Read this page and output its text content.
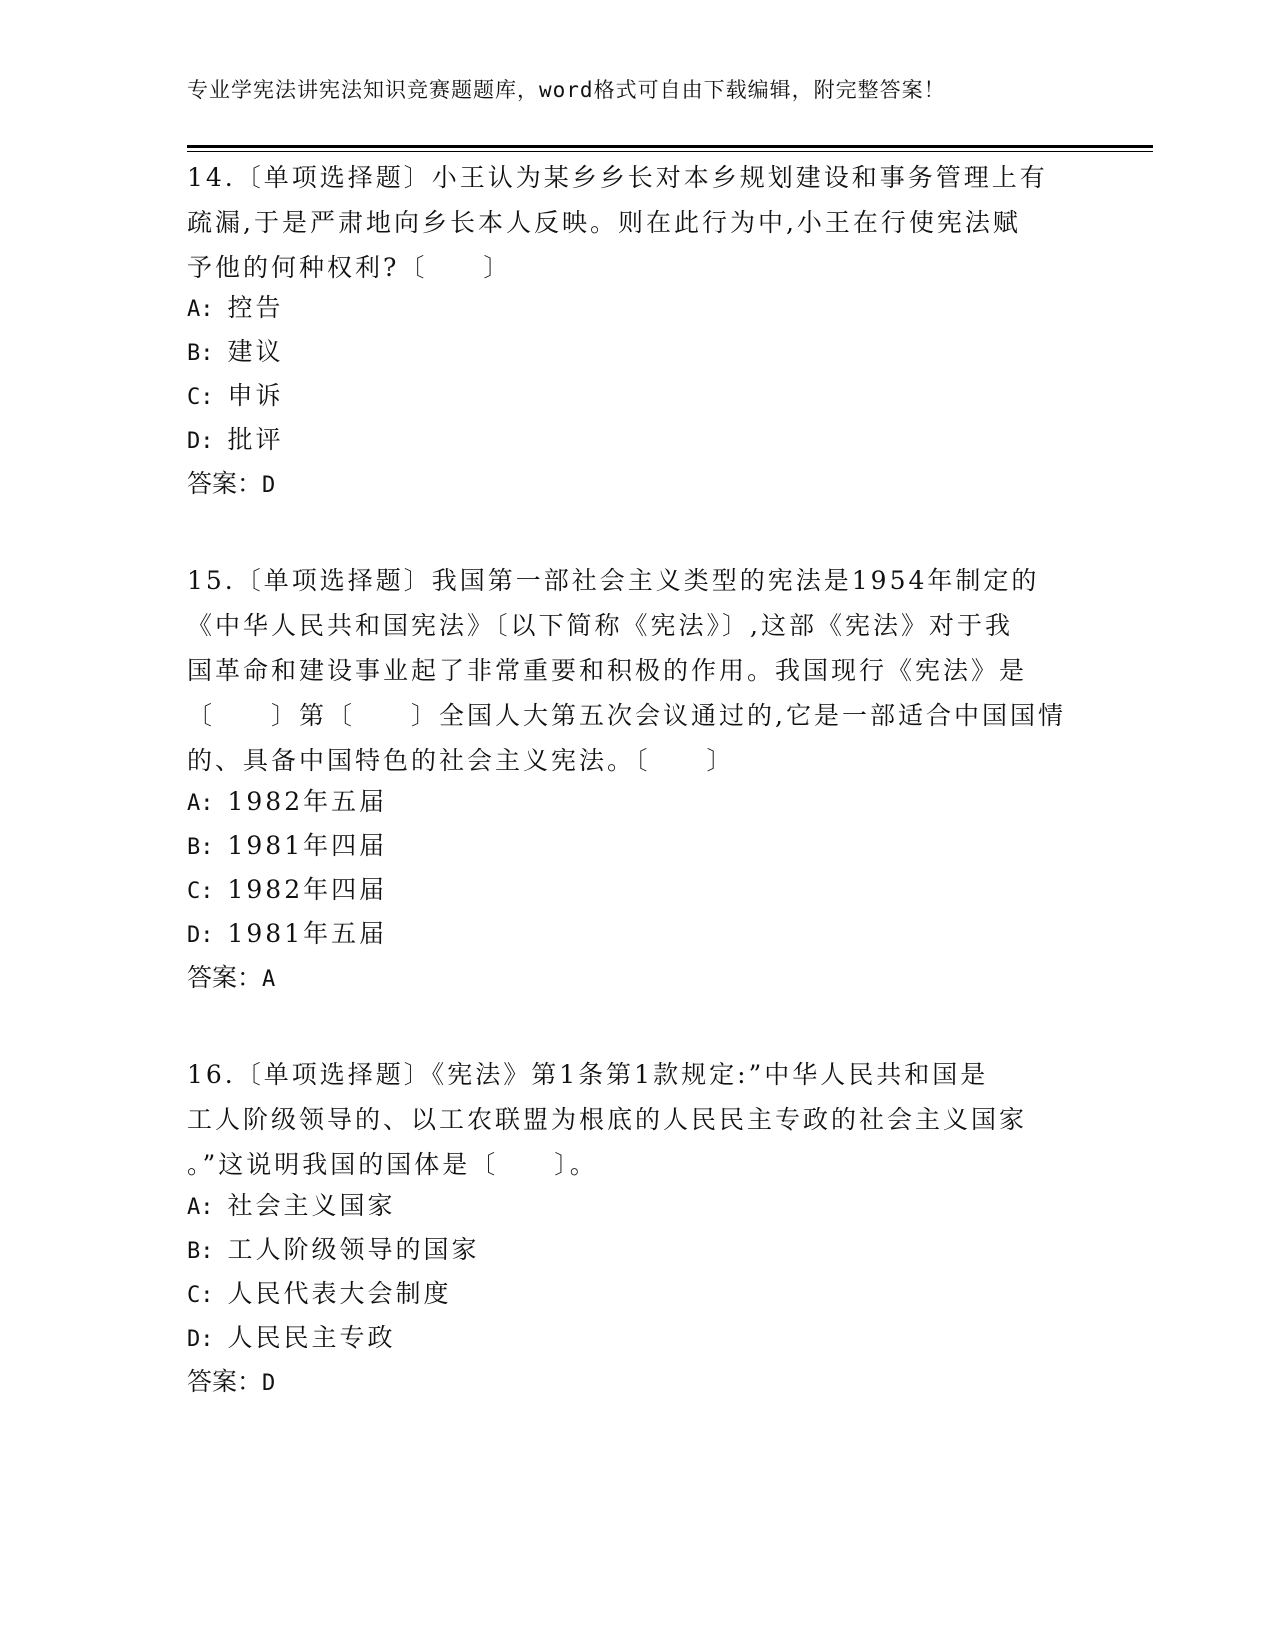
专业学宪法讲宪法知识竞赛题题库，word格式可自由下载编辑，附完整答案！
14.〔单项选择题〕小王认为某乡乡长对本乡规划建设和事务管理上有
疏漏,于是严肃地向乡长本人反映。则在此行为中,小王在行使宪法赋
予他的何种权利?〔　　〕
A: 控告
B: 建议
C: 申诉
D: 批评
答案：D
15.〔单项选择题〕我国第一部社会主义类型的宪法是1954年制定的
《中华人民共和国宪法》〔以下简称《宪法》〕,这部《宪法》对于我
国革命和建设事业起了非常重要和积极的作用。我国现行《宪法》是
〔　　〕第〔　　〕全国人大第五次会议通过的,它是一部适合中国国情
的、具备中国特色的社会主义宪法。〔　　〕
A: 1982年五届
B: 1981年四届
C: 1982年四届
D: 1981年五届
答案：A
16.〔单项选择题〕《宪法》第1条第1款规定:”中华人民共和国是
工人阶级领导的、以工农联盟为根底的人民民主专政的社会主义国家
。”这说明我国的国体是〔　　〕。
A: 社会主义国家
B: 工人阶级领导的国家
C: 人民代表大会制度
D: 人民民主专政
答案：D
